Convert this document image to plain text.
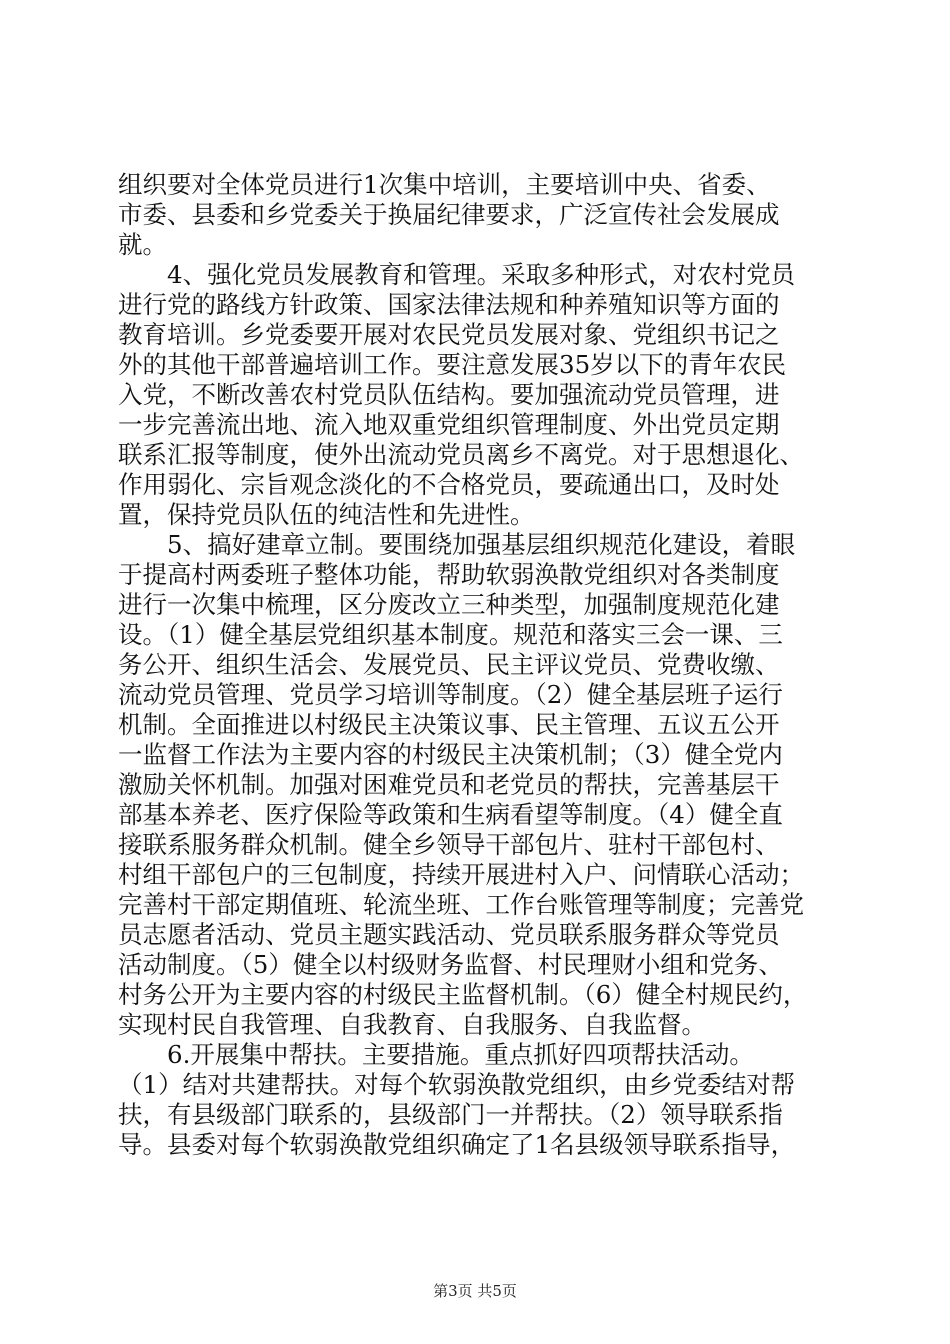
组织要对全体党员进行1次集中培训，主要培训中央、省委、
市委、县委和乡党委关于换届纪律要求，广泛宣传社会发展成
就。
　　4、强化党员发展教育和管理。采取多种形式，对农村党员
进行党的路线方针政策、国家法律法规和种养殖知识等方面的
教育培训。乡党委要开展对农民党员发展对象、党组织书记之
外的其他干部普遍培训工作。要注意发展35岁以下的青年农民
入党，不断改善农村党员队伍结构。要加强流动党员管理，进
一步完善流出地、流入地双重党组织管理制度、外出党员定期
联系汇报等制度，使外出流动党员离乡不离党。对于思想退化、
作用弱化、宗旨观念淡化的不合格党员，要疏通出口，及时处
置，保持党员队伍的纯洁性和先进性。
　　5、搞好建章立制。要围绕加强基层组织规范化建设，着眼
于提高村两委班子整体功能，帮助软弱涣散党组织对各类制度
进行一次集中梳理，区分废改立三种类型，加强制度规范化建
设。（1）健全基层党组织基本制度。规范和落实三会一课、三
务公开、组织生活会、发展党员、民主评议党员、党费收缴、
流动党员管理、党员学习培训等制度。（2）健全基层班子运行
机制。全面推进以村级民主决策议事、民主管理、五议五公开
一监督工作法为主要内容的村级民主决策机制；（3）健全党内
激励关怀机制。加强对困难党员和老党员的帮扶，完善基层干
部基本养老、医疗保险等政策和生病看望等制度。（4）健全直
接联系服务群众机制。健全乡领导干部包片、驻村干部包村、
村组干部包户的三包制度，持续开展进村入户、问情联心活动；
完善村干部定期值班、轮流坐班、工作台账管理等制度；完善党
员志愿者活动、党员主题实践活动、党员联系服务群众等党员
活动制度。（5）健全以村级财务监督、村民理财小组和党务、
村务公开为主要内容的村级民主监督机制。（6）健全村规民约，
实现村民自我管理、自我教育、自我服务、自我监督。
　　6.开展集中帮扶。主要措施。重点抓好四项帮扶活动。
（1）结对共建帮扶。对每个软弱涣散党组织，由乡党委结对帮
扶，有县级部门联系的，县级部门一并帮扶。（2）领导联系指
导。县委对每个软弱涣散党组织确定了1名县级领导联系指导，
第3页 共5页
